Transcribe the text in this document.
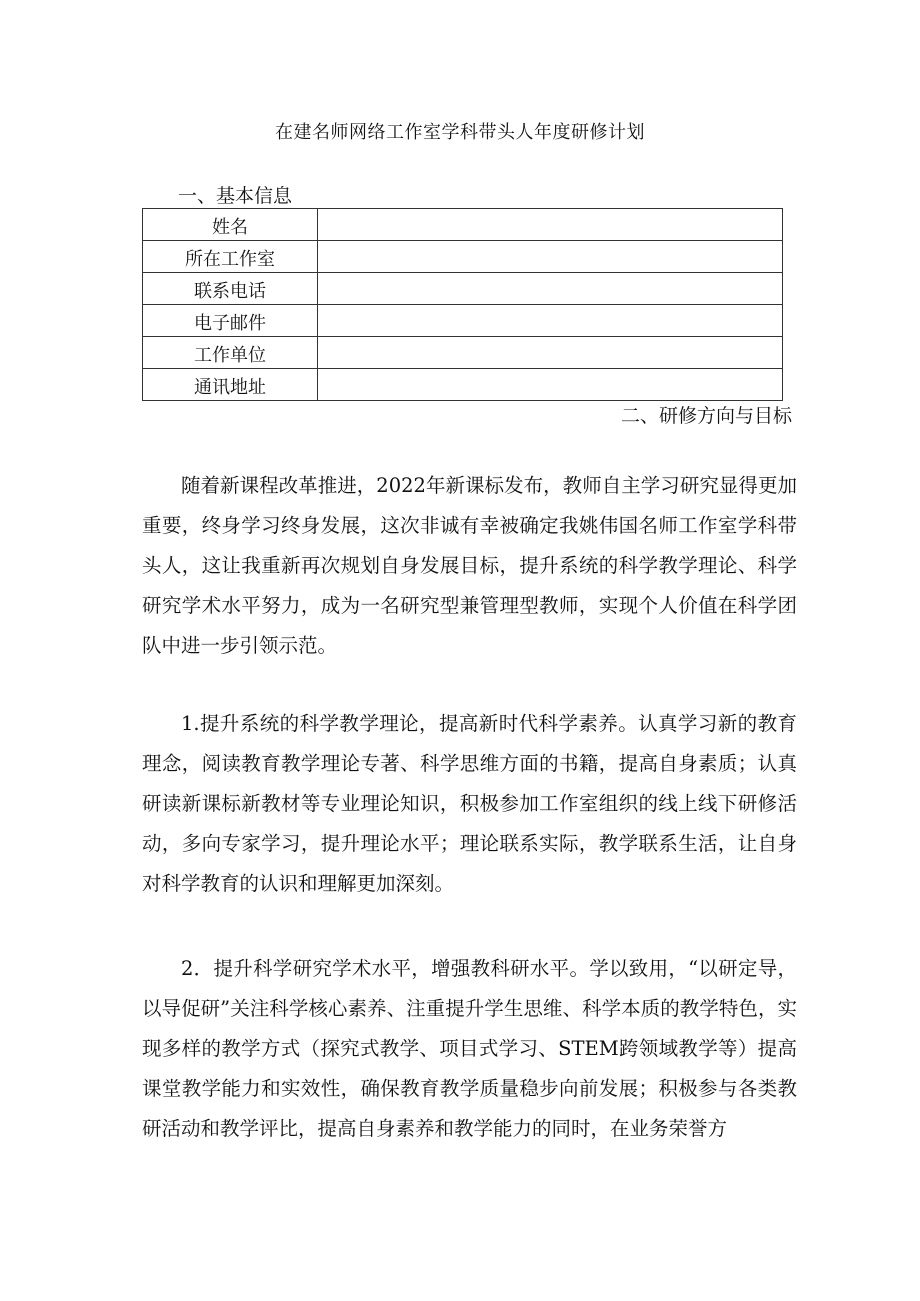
在建名师网络工作室学科带头人年度研修计划
一、基本信息
姓名	
所在工作室	
联系电话	
电子邮件	
工作单位	
通讯地址	
二、研修方向与目标

随着新课程改革推进，2022年新课标发布，教师自主学习研究显得更加重要，终身学习终身发展，这次非诚有幸被确定我姚伟国名师工作室学科带头人，这让我重新再次规划自身发展目标，提升系统的科学教学理论、科学研究学术水平努力，成为一名研究型兼管理型教师，实现个人价值在科学团队中进一步引领示范。

1.提升系统的科学教学理论，提高新时代科学素养。认真学习新的教育理念，阅读教育教学理论专著、科学思维方面的书籍，提高自身素质；认真研读新课标新教材等专业理论知识，积极参加工作室组织的线上线下研修活动，多向专家学习，提升理论水平；理论联系实际，教学联系生活，让自身对科学教育的认识和理解更加深刻。

2．提升科学研究学术水平，增强教科研水平。学以致用，“以研定导，以导促研”关注科学核心素养、注重提升学生思维、科学本质的教学特色，实现多样的教学方式（探究式教学、项目式学习、STEM跨领域教学等）提高课堂教学能力和实效性，确保教育教学质量稳步向前发展；积极参与各类教研活动和教学评比，提高自身素养和教学能力的同时，在业务荣誉方
